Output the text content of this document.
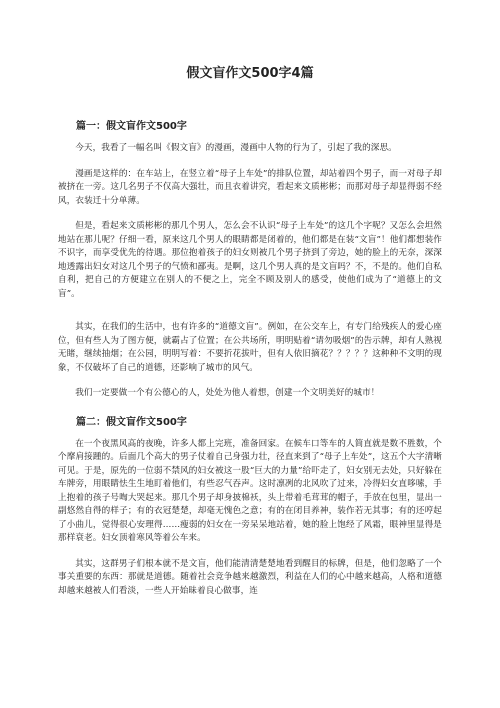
假文盲作文500字4篇
篇一：假文盲作文500字

今天，我看了一幅名叫《假文盲》的漫画，漫画中人物的行为了，引起了我的深思。

漫画是这样的：在车站上，在竖立着“母子上车处”的排队位置，却站着四个男子，而一对母子却被挤在一旁。这几名男子不仅高大强壮，而且衣着讲究，看起来文质彬彬；而那对母子却显得弱不经风，衣装迁十分单薄。

但是，看起来文质彬彬的那几个男人，怎么会不认识“母子上车处”的这几个字呢？又怎么会坦然地站在那儿呢？仔细一看，原来这几个男人的眼睛都是闭着的，他们都是在装“文盲”！他们都想装作不识字，而享受优先的待遇。那位抱着孩子的妇女则被几个男子挤到了旁边，她的脸上的无奈，深深地透露出妇女对这几个男子的气愤和鄙夷。是啊，这几个男人真的是文盲吗？不，不是的。他们自私自利，把自己的方便建立在别人的不便之上，完全不顾及别人的感受，使他们成为了“道德上的文盲”。

其实，在我们的生活中，也有许多的“道德文盲”。例如，在公交车上，有专门给残疾人的爱心座位，但有些人为了图方便，就霸占了位置；在公共场所，明明贴着“请勿吸烟”的告示牌，却有人熟视无睹，继续抽烟；在公园，明明写着：不要折花拔叶，但有人依旧摘花？？？？？这种种不文明的现象，不仅破坏了自己的道德，还影响了城市的风气。

我们一定要做一个有公德心的人，处处为他人着想，创建一个文明美好的城市！

篇二：假文盲作文500字

在一个夜黑风高的夜晚，许多人都上完班，准备回家。在候车口等车的人简直就是数不胜数，个个摩肩接踵的。后面几个高大的男子仗着自己身强力壮，径直来到了“母子上车处”，这五个大字清晰可见。于是，原先的一位弱不禁风的妇女被这一股“巨大的力量”给吓走了，妇女别无去处，只好躲在车牌旁，用眼睛怯生生地盯着他们，有些忍气吞声。这时凛冽的北风吹了过来，冷得妇女直哆嗦，手上抱着的孩子号啕大哭起来。那几个男子却身披棉袄，头上带着毛茸茸的帽子，手放在包里，显出一副悠然自得的样子；有的衣冠楚楚，却毫无愧色之意；有的在闭目养神，装作若无其事；有的还哼起了小曲儿，觉得很心安理得……瘦弱的妇女在一旁呆呆地站着，她的脸上饱经了风霜，眼神里显得是那样衰老。妇女顶着寒风等着公车来。

其实，这群男子们根本就不是文盲，他们能清清楚楚地看到醒目的标牌，但是，他们忽略了一个事关重要的东西：那就是道德。随着社会竞争越来越激烈，利益在人们的心中越来越高，人格和道德却越来越被人们看淡，一些人开始昧着良心做事，连
